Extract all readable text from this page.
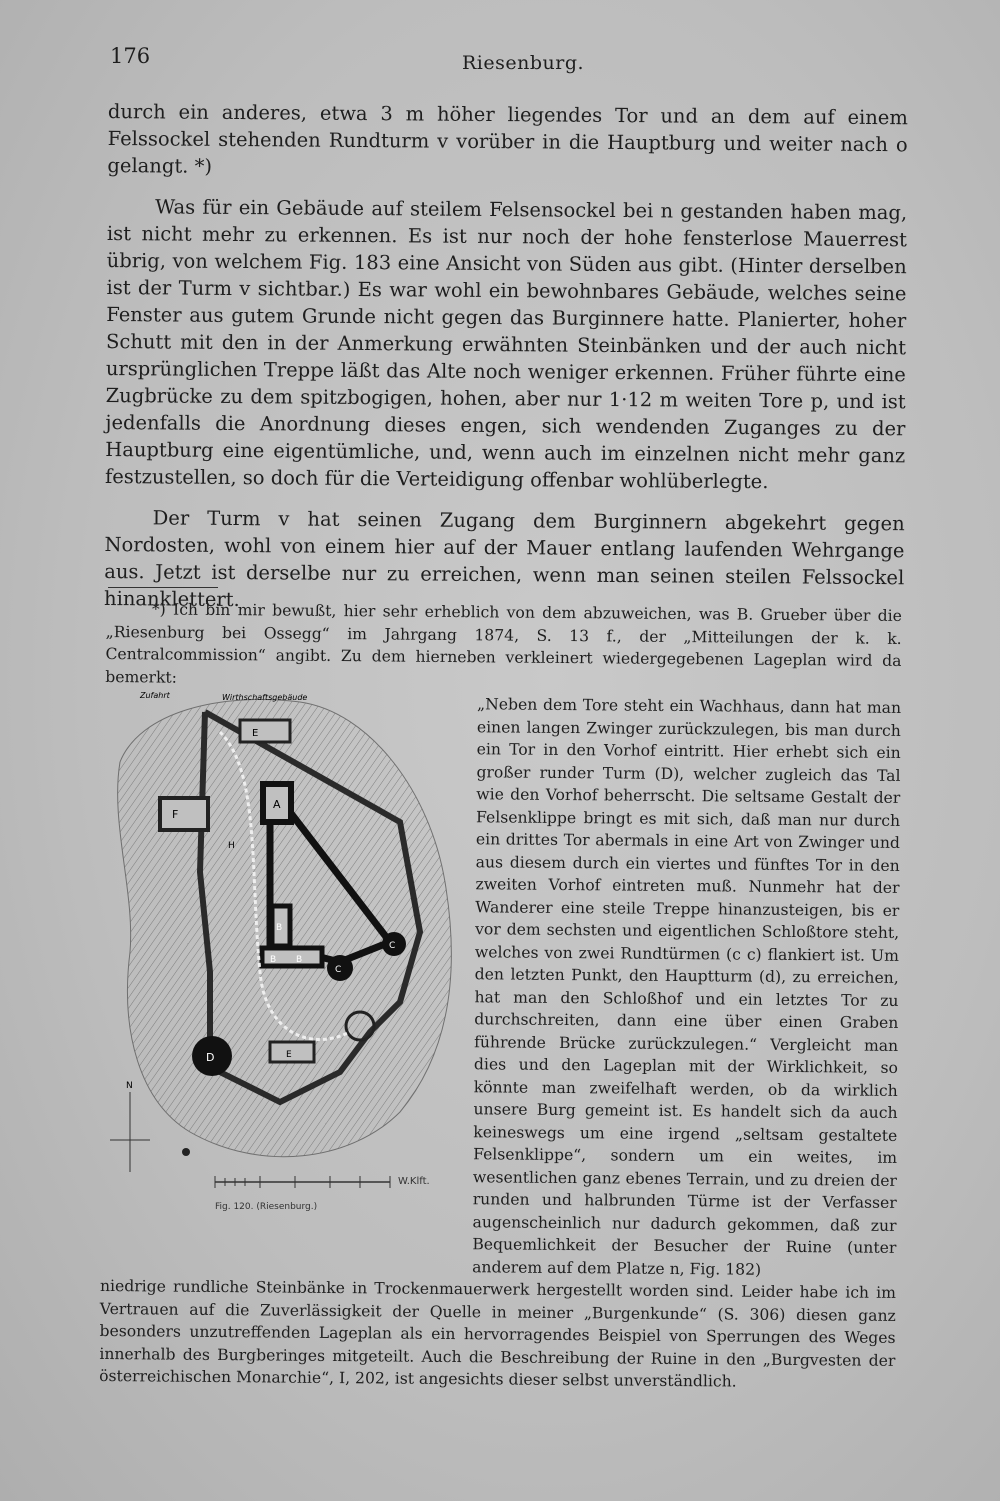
176	Riesenburg.

durch ein anderes, etwa 3 m höher liegendes Tor und an dem auf einem Felssockel stehenden Rundturm v vorüber in die Hauptburg und weiter nach o gelangt. *)

Was für ein Gebäude auf steilem Felsensockel bei n gestanden haben mag, ist nicht mehr zu erkennen. Es ist nur noch der hohe fensterlose Mauerrest übrig, von welchem Fig. 183 eine Ansicht von Süden aus gibt. (Hinter derselben ist der Turm v sichtbar.) Es war wohl ein bewohnbares Gebäude, welches seine Fenster aus gutem Grunde nicht gegen das Burginnere hatte. Planierter, hoher Schutt mit den in der Anmerkung erwähnten Steinbänken und der auch nicht ursprünglichen Treppe läßt das Alte noch weniger erkennen. Früher führte eine Zugbrücke zu dem spitzbogigen, hohen, aber nur 1·12 m weiten Tore p, und ist jedenfalls die Anordnung dieses engen, sich wendenden Zuganges zu der Hauptburg eine eigentümliche, und, wenn auch im einzelnen nicht mehr ganz festzustellen, so doch für die Verteidigung offenbar wohlüberlegte.

Der Turm v hat seinen Zugang dem Burginnern abgekehrt gegen Nordosten, wohl von einem hier auf der Mauer entlang laufenden Wehrgange aus. Jetzt ist derselbe nur zu erreichen, wenn man seinen steilen Felssockel hinanklettert.

*) Ich bin mir bewußt, hier sehr erheblich von dem abzuweichen, was B. Grueber über die „Riesenburg bei Ossegg“ im Jahrgang 1874, S. 13 f., der „Mitteilungen der k. k. Centralcommission“ angibt. Zu dem hierneben verkleinert wiedergegebenen Lageplan wird da bemerkt:

„Neben dem Tore steht ein Wachhaus, dann hat man einen langen Zwinger zurückzulegen, bis man durch ein Tor in den Vorhof eintritt. Hier erhebt sich ein großer runder Turm (D), welcher zugleich das Tal wie den Vorhof beherrscht. Die seltsame Gestalt der Felsenklippe bringt es mit sich, daß man nur durch ein drittes Tor abermals in eine Art von Zwinger und aus diesem durch ein viertes und fünftes Tor in den zweiten Vorhof eintreten muß. Nunmehr hat der Wanderer eine steile Treppe hinanzusteigen, bis er vor dem sechsten und eigentlichen Schloßtore steht, welches von zwei Rundtürmen (c c) flankiert ist. Um den letzten Punkt, den Hauptturm (d), zu erreichen, hat man den Schloßhof und ein letztes Tor zu durchschreiten, dann eine über einen Graben führende Brücke zurückzulegen.“ Vergleicht man dies und den Lageplan mit der Wirklichkeit, so könnte man zweifelhaft werden, ob da wirklich unsere Burg gemeint ist. Es handelt sich da auch keineswegs um eine irgend „seltsam gestaltete Felsenklippe“, sondern um ein weites, im wesentlichen ganz ebenes Terrain, und zu dreien der runden und halbrunden Türme ist der Verfasser augenscheinlich nur dadurch gekommen, daß zur Bequemlichkeit der Besucher der Ruine (unter anderem auf dem Platze n, Fig. 182)

niedrige rundliche Steinbänke in Trockenmauerwerk hergestellt worden sind. Leider habe ich im Vertrauen auf die Zuverlässigkeit der Quelle in meiner „Burgenkunde“ (S. 306) diesen ganz besonders unzutreffenden Lageplan als ein hervorragendes Beispiel von Sperrungen des Weges innerhalb des Burgberinges mitgeteilt. Auch die Beschreibung der Ruine in den „Burgvesten der österreichischen Monarchie“, I, 202, ist angesichts dieser selbst unverständlich.

F
E
A
H
B
B B
C
C
D	E
Zufahrt	Wirthschaftsgebäude
N
W.Klft.
Fig. 120. (Riesenburg.)
